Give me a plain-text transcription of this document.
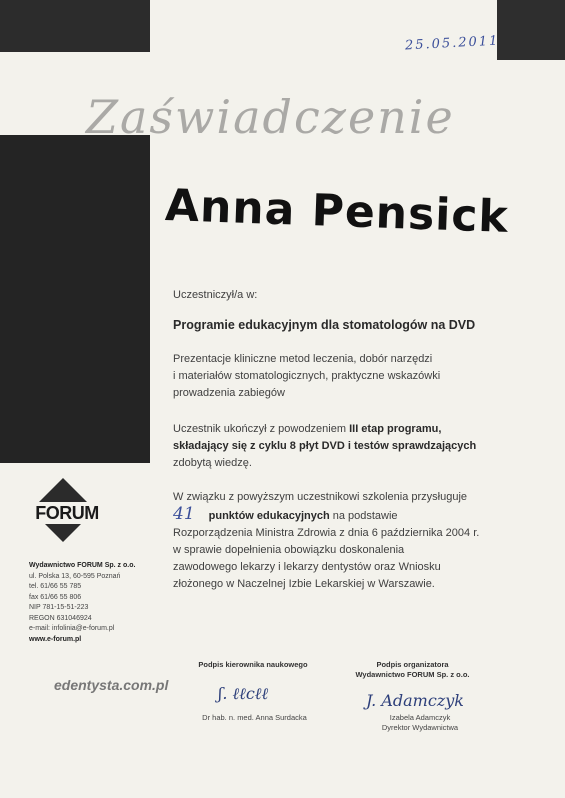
25.05.2011
Zaświadczenie
Anna Pensick
Uczestniczył/a w:
Programie edukacyjnym dla stomatologów na DVD
Prezentacje kliniczne metod leczenia, dobór narzędzi
i materiałów stomatologicznych, praktyczne wskazówki
prowadzenia zabiegów
Uczestnik ukończył z powodzeniem III etap programu,
składający się z cyklu 8 płyt DVD i testów sprawdzających
zdobytą wiedzę.
W związku z powyższym uczestnikowi szkolenia przysługuje
41 punktów edukacyjnych na podstawie
Rozporządzenia Ministra Zdrowia z dnia 6 października 2004 r.
w sprawie dopełnienia obowiązku doskonalenia
zawodowego lekarzy i lekarzy dentystów oraz Wniosku
złożonego w Naczelnej Izbie Lekarskiej w Warszawie.
FORUM
Wydawnictwo FORUM Sp. z o.o.
ul. Polska 13, 60-595 Poznań
tel. 61/66 55 785
fax 61/66 55 806
NIP 781-15-51-223
REGON 631046924
e-mail: infolinia@e-forum.pl
www.e-forum.pl
edentysta.com.pl
Podpis kierownika naukowego
ʃ. ℓℓcℓℓ
Dr hab. n. med. Anna Surdacka
Podpis organizatora
Wydawnictwo FORUM Sp. z o.o.
J. Adamczyk
Izabela Adamczyk
Dyrektor Wydawnictwa
